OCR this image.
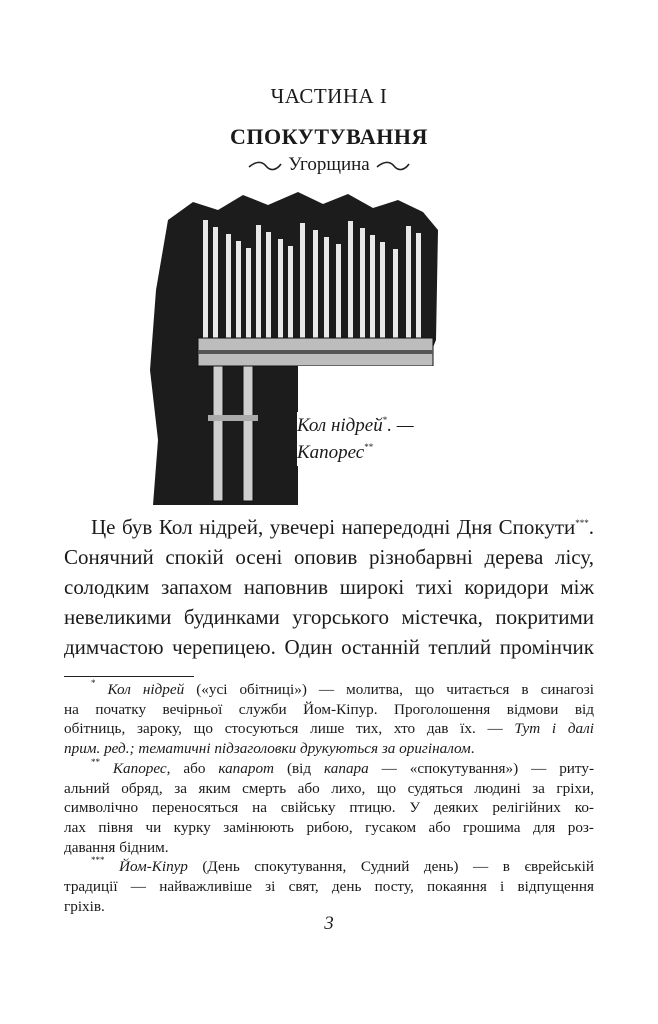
ЧАСТИНА I
СПОКУТУВАННЯ
Угорщина
Кол нідрей*. —
Капорес**
Це був Кол нідрей, увечері напередодні Дня Спокути***.
Сонячний спокій осені оповив різнобарвні дерева лісу,
солодким запахом наповнив широкі тихі коридори між
невеликими будинками угорського містечка, покритими
димчастою черепицею. Один останній теплий промінчик
* Кол нідрей («усі обітниці») — молитва, що читається в синагозі
на початку вечірньої служби Йом-Кіпур. Проголошення відмови від
обітниць, зароку, що стосуються лише тих, хто дав їх. — Тут і далі
прим. ред.; тематичні підзаголовки друкуються за оригіналом.
** Капорес, або капарот (від капара — «спокутування») — риту-
альний обряд, за яким смерть або лихо, що судяться людині за гріхи,
символічно переносяться на свійську птицю. У деяких релігійних ко-
лах півня чи курку замінюють рибою, гусаком або грошима для роз-
давання бідним.
*** Йом-Кіпур (День спокутування, Судний день) — в єврейській
традиції — найважливіше зі свят, день посту, покаяння і відпущення
гріхів.
3
